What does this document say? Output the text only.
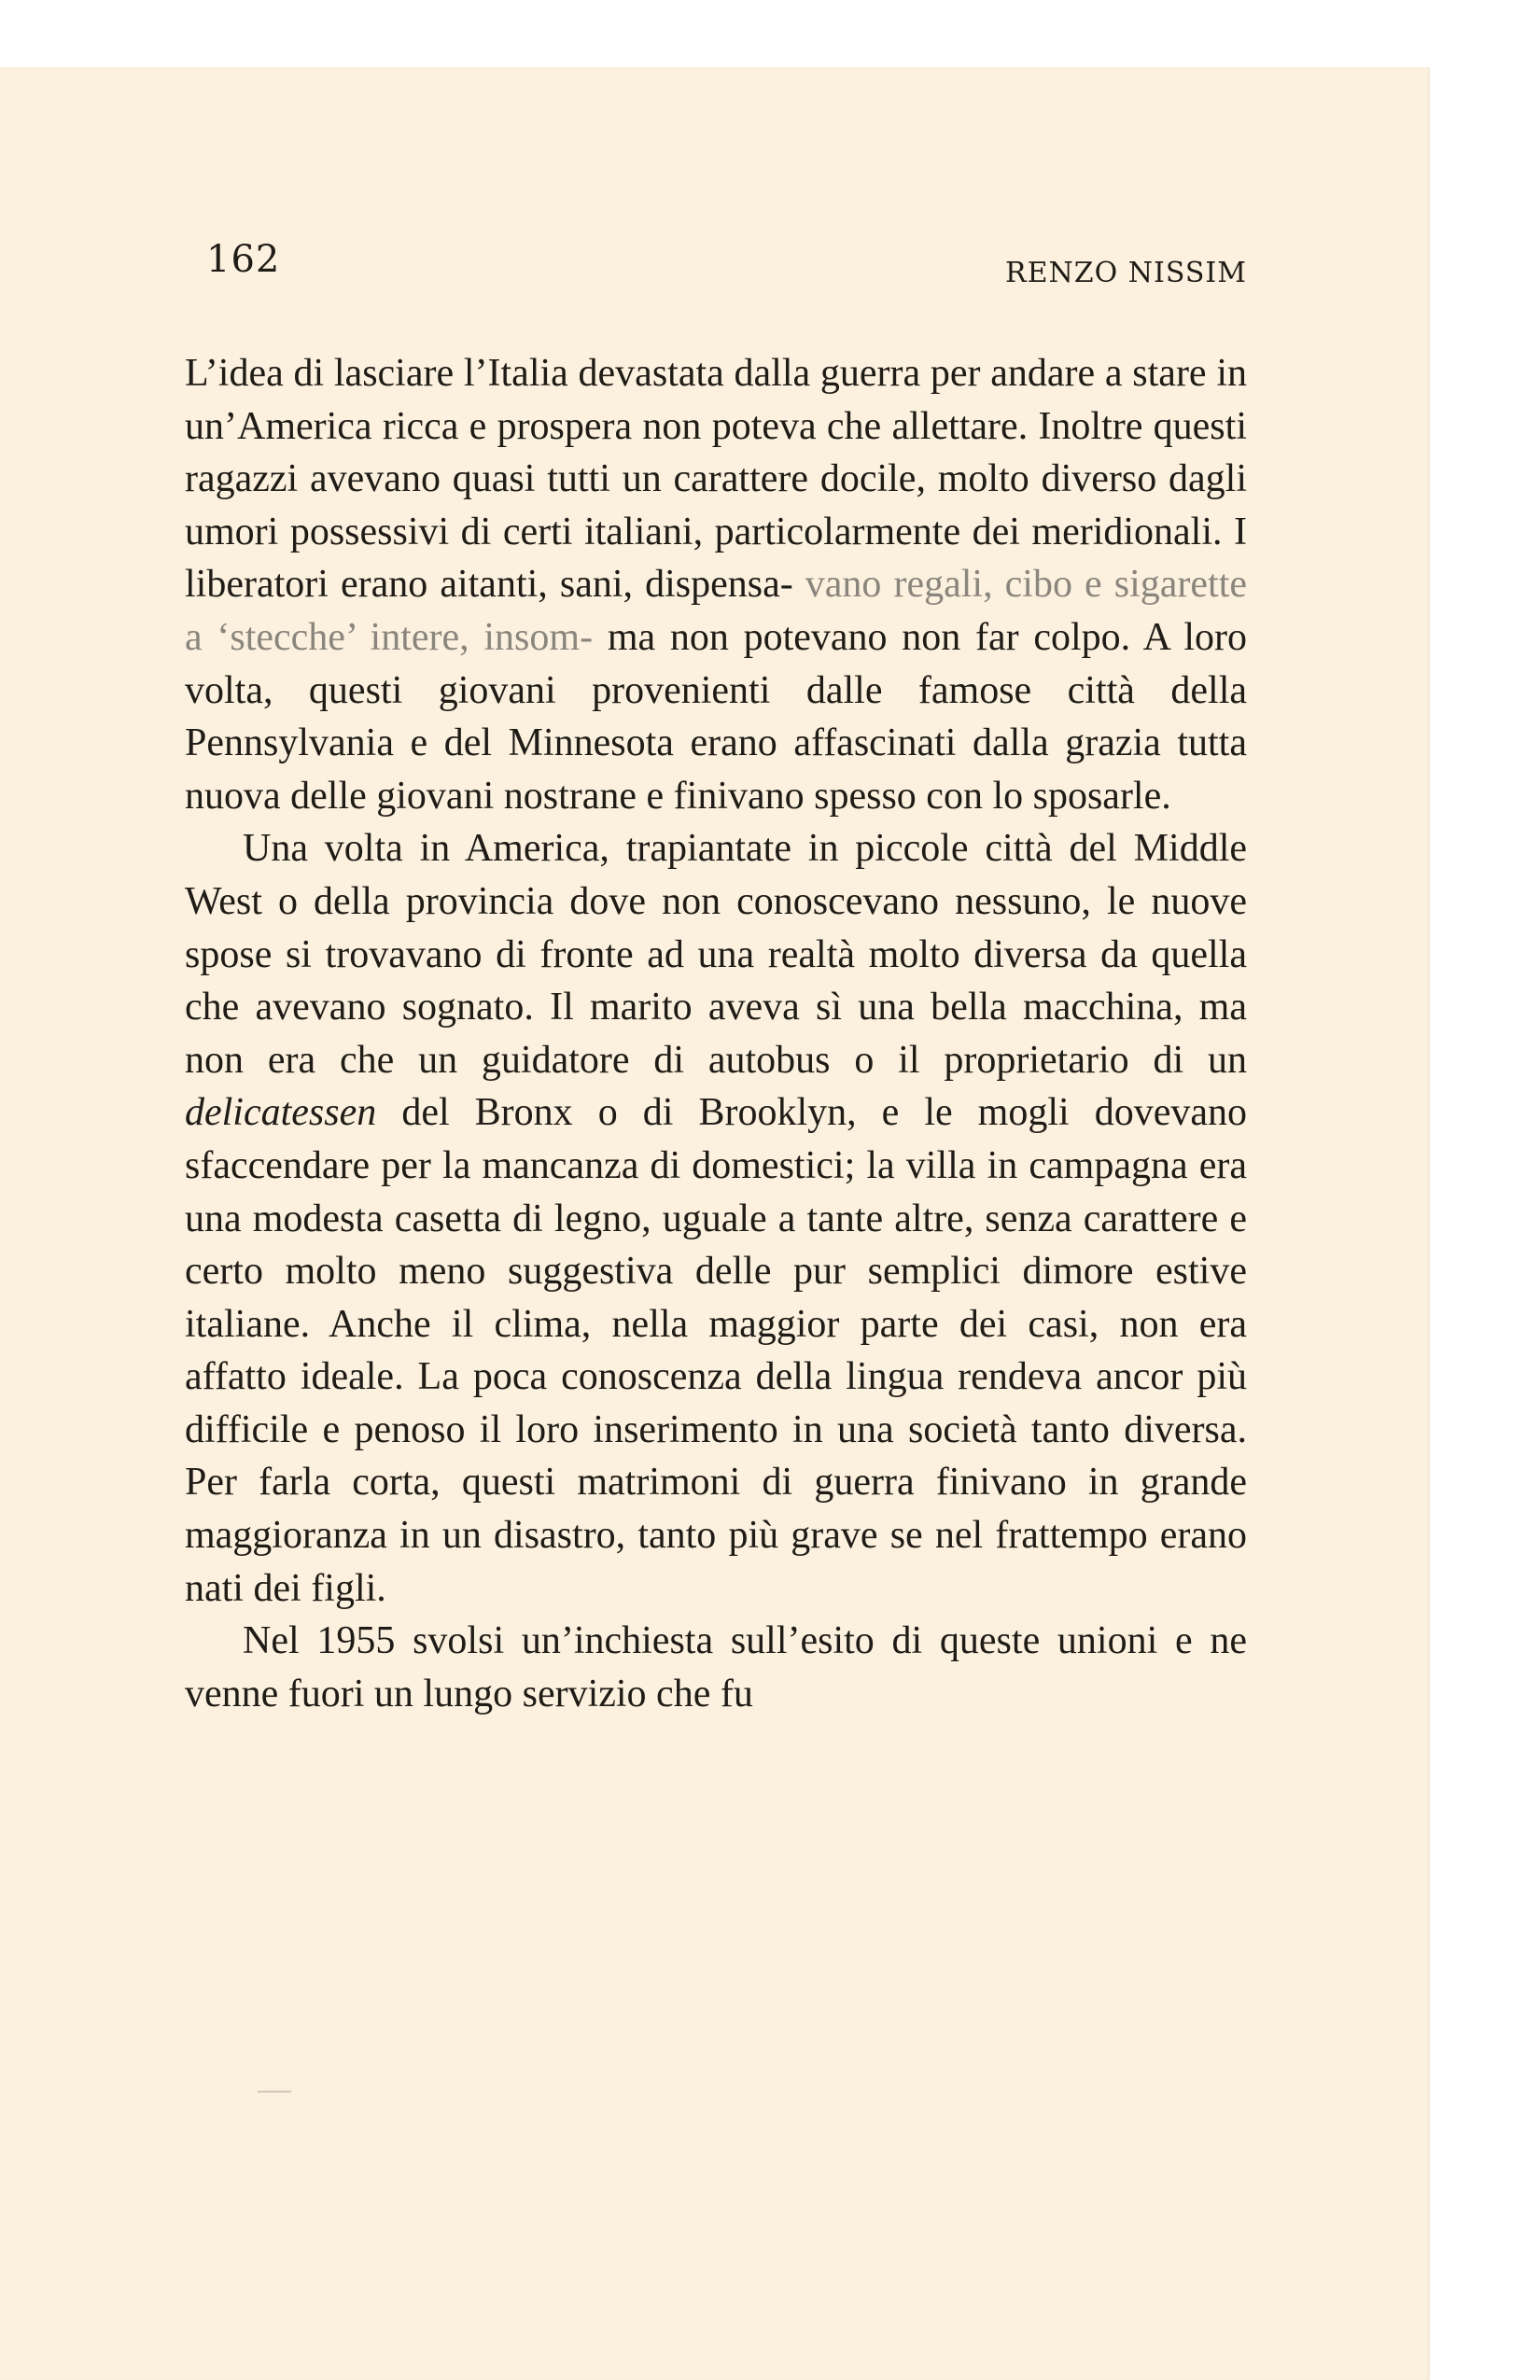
162	RENZO NISSIM

L’idea di lasciare l’Italia devastata dalla guerra per andare a stare in un’America ricca e prospera non poteva che allettare. Inoltre questi ragazzi avevano quasi tutti un carattere docile, molto diverso dagli umori possessivi di certi italiani, particolarmente dei meridionali. I liberatori erano aitanti, sani, dispensa- vano regali, cibo e sigarette a ‘stecche’ intere, insom- ma non potevano non far colpo. A loro volta, questi giovani provenienti dalle famose città della Pennsylvania e del Minnesota erano affascinati dalla grazia tutta nuova delle giovani nostrane e finivano spesso con lo sposarle.

Una volta in America, trapiantate in piccole città del Middle West o della provincia dove non conoscevano nessuno, le nuove spose si trovavano di fronte ad una realtà molto diversa da quella che avevano sognato. Il marito aveva sì una bella macchina, ma non era che un guidatore di autobus o il proprietario di un delicatessen del Bronx o di Brooklyn, e le mogli dovevano sfaccendare per la mancanza di domestici; la villa in campagna era una modesta casetta di legno, uguale a tante altre, senza carattere e certo molto meno suggestiva delle pur semplici dimore estive italiane. Anche il clima, nella maggior parte dei casi, non era affatto ideale. La poca conoscenza della lingua rendeva ancor più difficile e penoso il loro inserimento in una società tanto diversa. Per farla corta, questi matrimoni di guerra finivano in grande maggioranza in un disastro, tanto più grave se nel frattempo erano nati dei figli.

Nel 1955 svolsi un’inchiesta sull’esito di queste unioni e ne venne fuori un lungo servizio che fu
